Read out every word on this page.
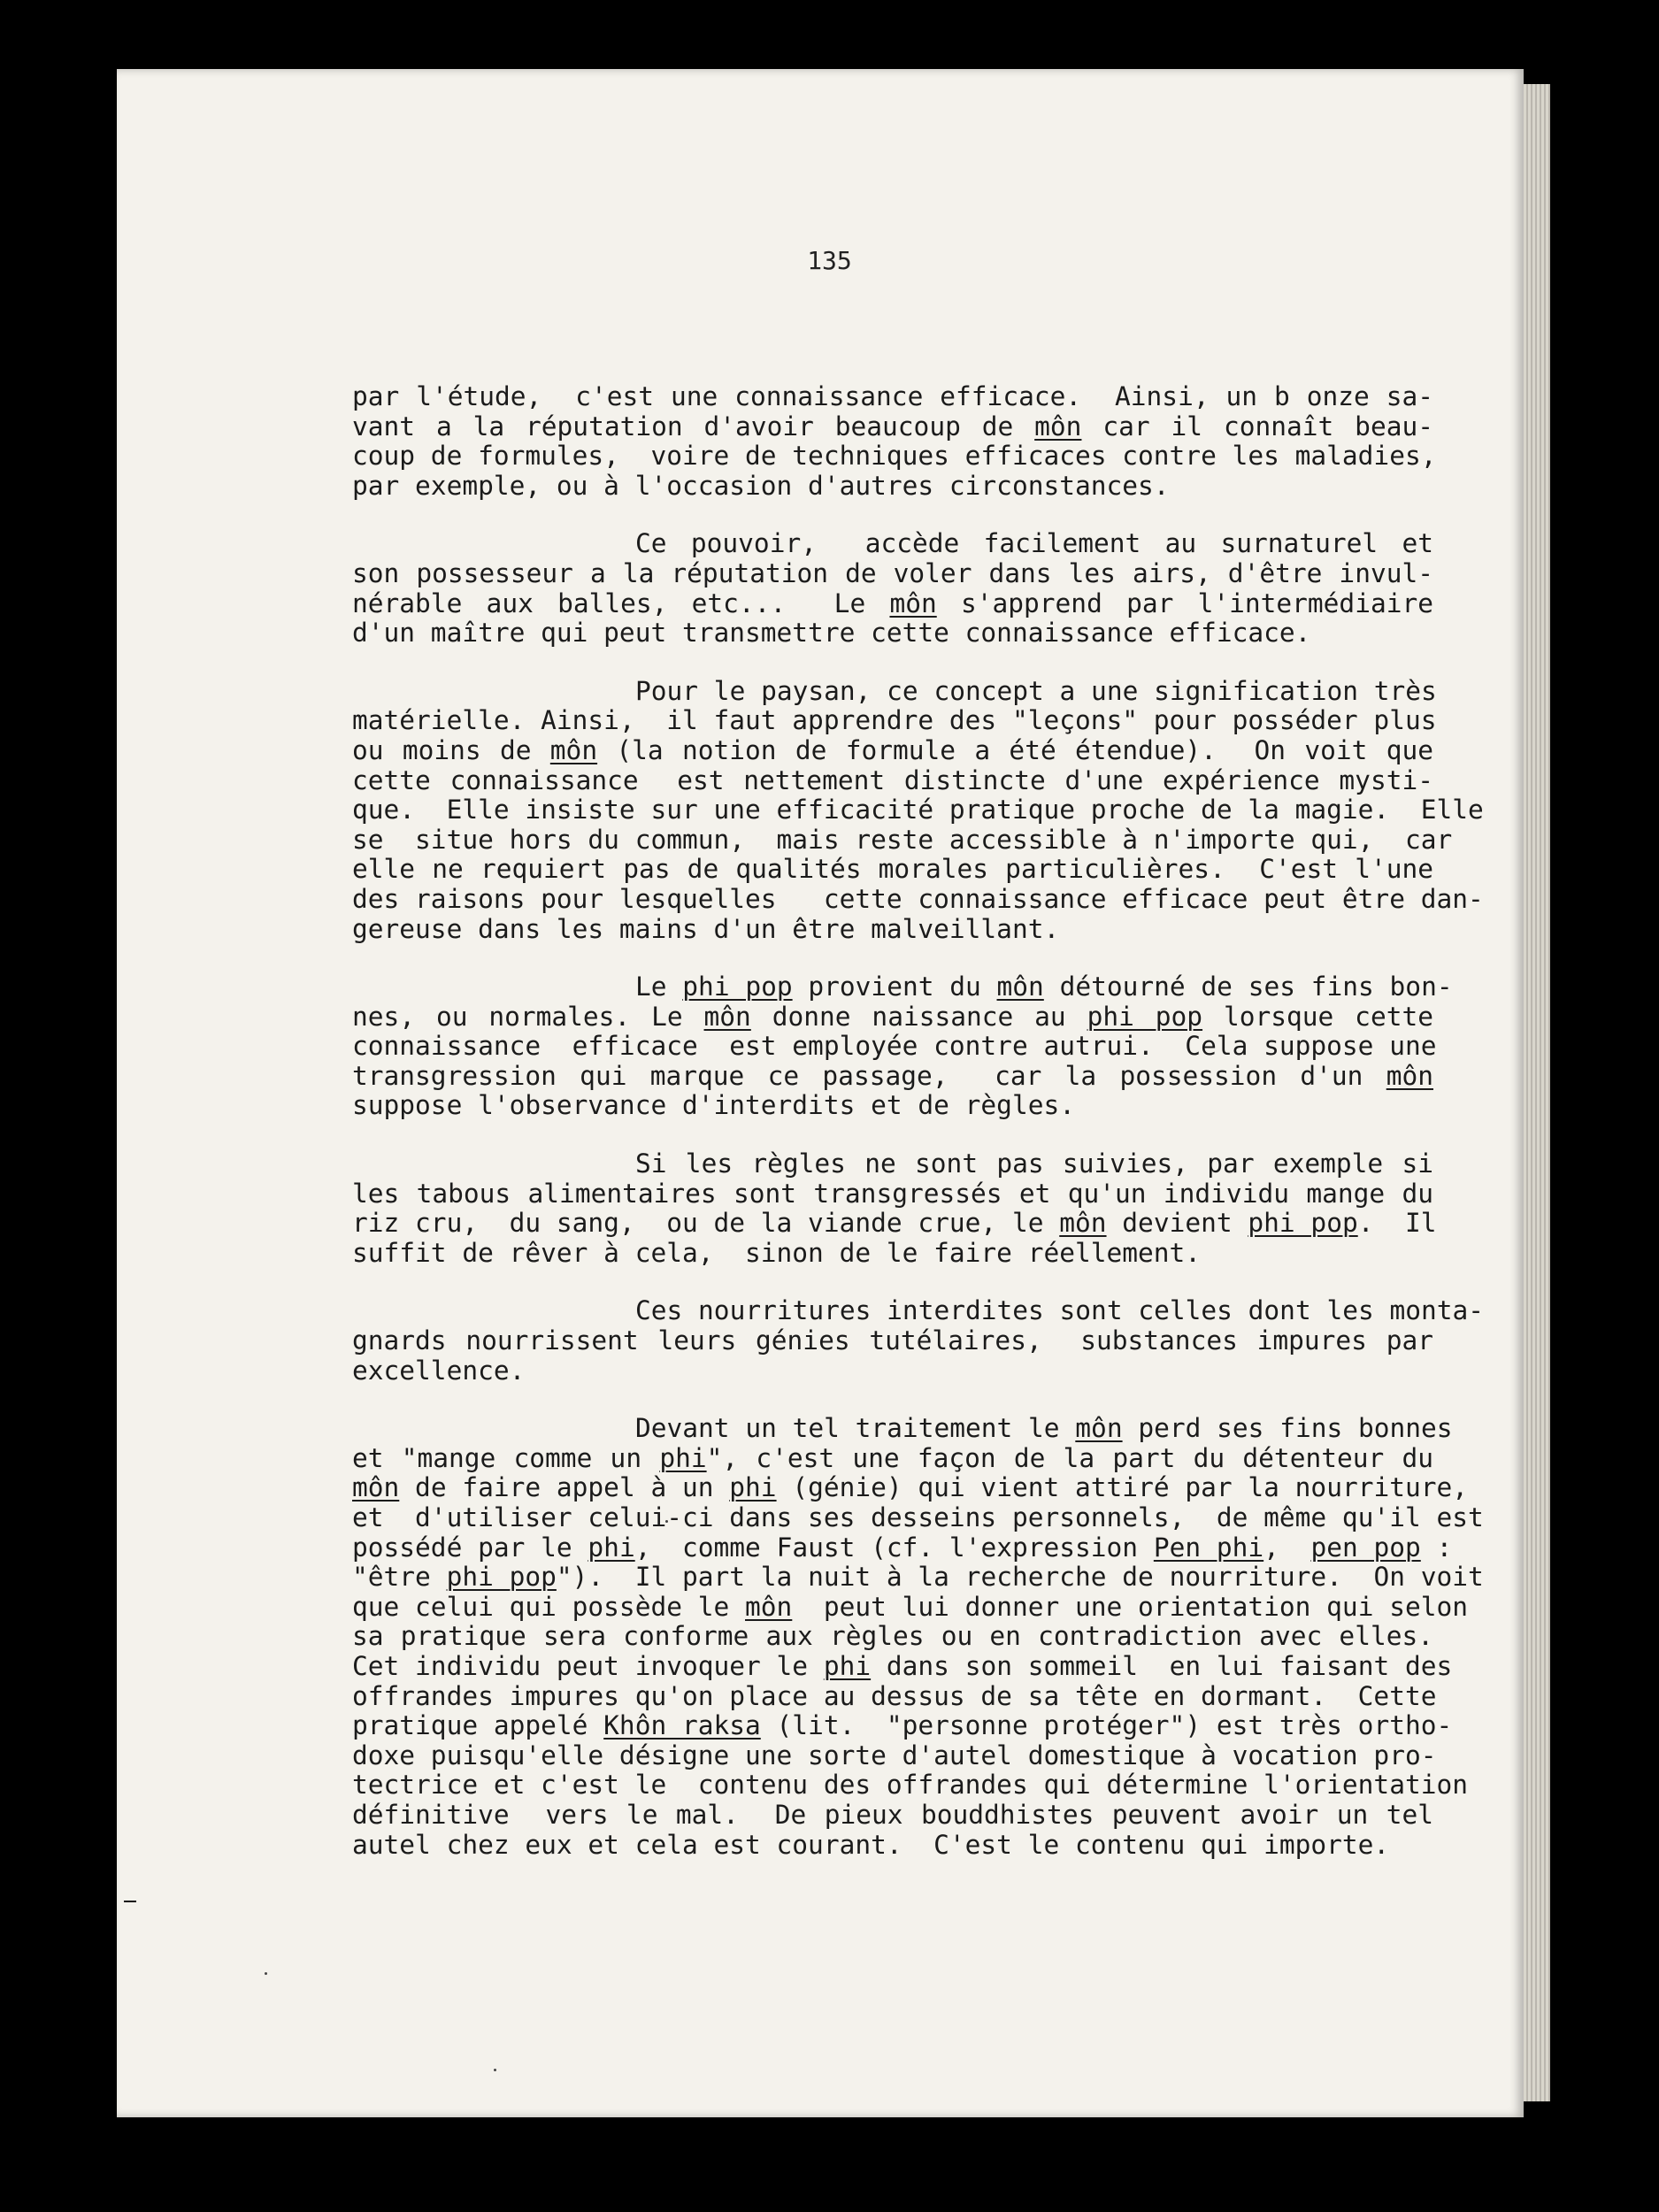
135
par l'étude,  c'est une connaissance efficace.  Ainsi, un b onze sa-
vant a la réputation d'avoir beaucoup de môn car il connaît beau-
coup de formules,  voire de techniques efficaces contre les maladies,
par exemple, ou à l'occasion d'autres circonstances.
Ce pouvoir,  accède facilement au surnaturel et
son possesseur a la réputation de voler dans les airs, d'être invul-
nérable aux balles, etc...  Le môn s'apprend par l'intermédiaire
d'un maître qui peut transmettre cette connaissance efficace.
Pour le paysan, ce concept a une signification très
matérielle. Ainsi,  il faut apprendre des "leçons" pour posséder plus
ou moins de môn (la notion de formule a été étendue).  On voit que
cette connaissance  est nettement distincte d'une expérience mysti-
que.  Elle insiste sur une efficacité pratique proche de la magie.  Elle
se  situe hors du commun,  mais reste accessible à n'importe qui,  car
elle ne requiert pas de qualités morales particulières.  C'est l'une
des raisons pour lesquelles   cette connaissance efficace peut être dan-
gereuse dans les mains d'un être malveillant.
Le phi pop provient du môn détourné de ses fins bon-
nes, ou normales. Le môn donne naissance au phi pop lorsque cette
connaissance  efficace  est employée contre autrui.  Cela suppose une
transgression qui marque ce passage,  car la possession d'un môn
suppose l'observance d'interdits et de règles.
Si les règles ne sont pas suivies, par exemple si
les tabous alimentaires sont transgressés et qu'un individu mange du
riz cru,  du sang,  ou de la viande crue, le môn devient phi pop.  Il
suffit de rêver à cela,  sinon de le faire réellement.
Ces nourritures interdites sont celles dont les monta-
gnards nourrissent leurs génies tutélaires,  substances impures par
excellence.
Devant un tel traitement le môn perd ses fins bonnes
et "mange comme un phi", c'est une façon de la part du détenteur du
môn de faire appel à un phi (génie) qui vient attiré par la nourriture,
et  d'utiliser celui-ci dans ses desseins personnels,  de même qu'il est
possédé par le phi,  comme Faust (cf. l'expression Pen phi,  pen pop :
"être phi pop").  Il part la nuit à la recherche de nourriture.  On voit
que celui qui possède le môn  peut lui donner une orientation qui selon
sa pratique sera conforme aux règles ou en contradiction avec elles.
Cet individu peut invoquer le phi dans son sommeil  en lui faisant des
offrandes impures qu'on place au dessus de sa tête en dormant.  Cette
pratique appelé Khôn raksa (lit.  "personne protéger") est très ortho-
doxe puisqu'elle désigne une sorte d'autel domestique à vocation pro-
tectrice et c'est le  contenu des offrandes qui détermine l'orientation
définitive  vers le mal.  De pieux bouddhistes peuvent avoir un tel
autel chez eux et cela est courant.  C'est le contenu qui importe.
